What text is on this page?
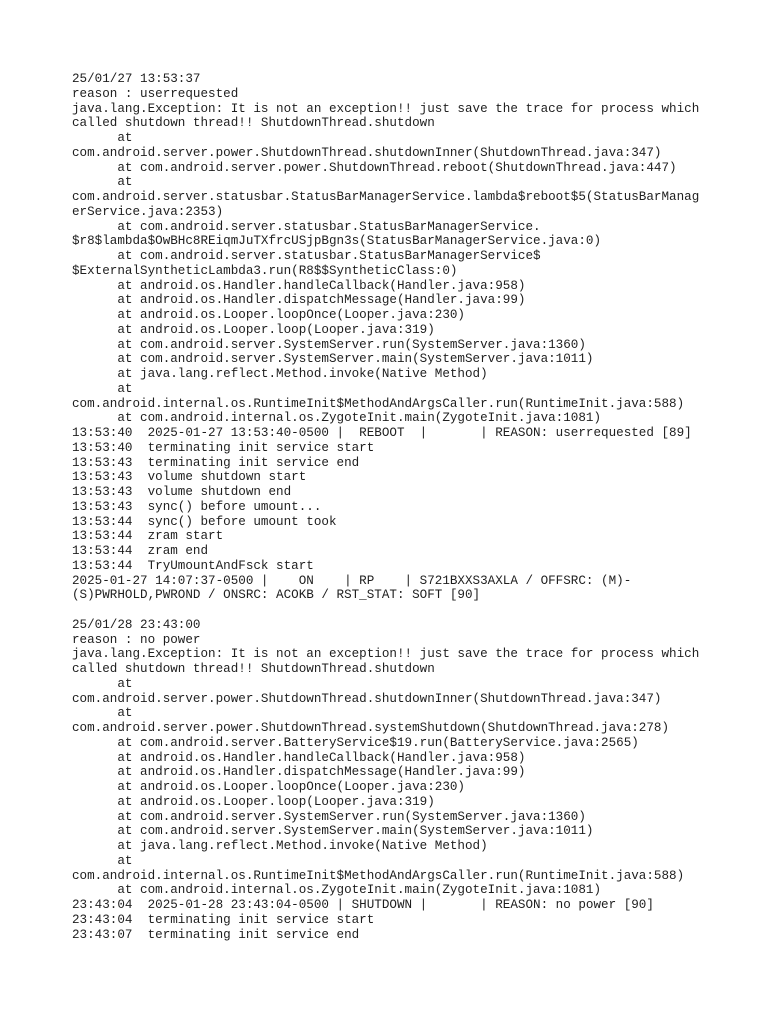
25/01/27 13:53:37
reason : userrequested
java.lang.Exception: It is not an exception!! just save the trace for process which
called shutdown thread!! ShutdownThread.shutdown
at
com.android.server.power.ShutdownThread.shutdownInner(ShutdownThread.java:347)
at com.android.server.power.ShutdownThread.reboot(ShutdownThread.java:447)
at
com.android.server.statusbar.StatusBarManagerService.lambda$reboot$5(StatusBarManag
erService.java:2353)
at com.android.server.statusbar.StatusBarManagerService.
$r8$lambda$OwBHc8REiqmJuTXfrcUSjpBgn3s(StatusBarManagerService.java:0)
at com.android.server.statusbar.StatusBarManagerService$
$ExternalSyntheticLambda3.run(R8$$SyntheticClass:0)
at android.os.Handler.handleCallback(Handler.java:958)
at android.os.Handler.dispatchMessage(Handler.java:99)
at android.os.Looper.loopOnce(Looper.java:230)
at android.os.Looper.loop(Looper.java:319)
at com.android.server.SystemServer.run(SystemServer.java:1360)
at com.android.server.SystemServer.main(SystemServer.java:1011)
at java.lang.reflect.Method.invoke(Native Method)
at
com.android.internal.os.RuntimeInit$MethodAndArgsCaller.run(RuntimeInit.java:588)
at com.android.internal.os.ZygoteInit.main(ZygoteInit.java:1081)
13:53:40  2025-01-27 13:53:40-0500 |  REBOOT  |       | REASON: userrequested [89]
13:53:40  terminating init service start
13:53:43  terminating init service end
13:53:43  volume shutdown start
13:53:43  volume shutdown end
13:53:43  sync() before umount...
13:53:44  sync() before umount took
13:53:44  zram start
13:53:44  zram end
13:53:44  TryUmountAndFsck start
2025-01-27 14:07:37-0500 |    ON    | RP    | S721BXXS3AXLA / OFFSRC: (M)-
(S)PWRHOLD,PWROND / ONSRC: ACOKB / RST_STAT: SOFT [90]
25/01/28 23:43:00
reason : no power
java.lang.Exception: It is not an exception!! just save the trace for process which
called shutdown thread!! ShutdownThread.shutdown
at
com.android.server.power.ShutdownThread.shutdownInner(ShutdownThread.java:347)
at
com.android.server.power.ShutdownThread.systemShutdown(ShutdownThread.java:278)
at com.android.server.BatteryService$19.run(BatteryService.java:2565)
at android.os.Handler.handleCallback(Handler.java:958)
at android.os.Handler.dispatchMessage(Handler.java:99)
at android.os.Looper.loopOnce(Looper.java:230)
at android.os.Looper.loop(Looper.java:319)
at com.android.server.SystemServer.run(SystemServer.java:1360)
at com.android.server.SystemServer.main(SystemServer.java:1011)
at java.lang.reflect.Method.invoke(Native Method)
at
com.android.internal.os.RuntimeInit$MethodAndArgsCaller.run(RuntimeInit.java:588)
at com.android.internal.os.ZygoteInit.main(ZygoteInit.java:1081)
23:43:04  2025-01-28 23:43:04-0500 | SHUTDOWN |       | REASON: no power [90]
23:43:04  terminating init service start
23:43:07  terminating init service end
